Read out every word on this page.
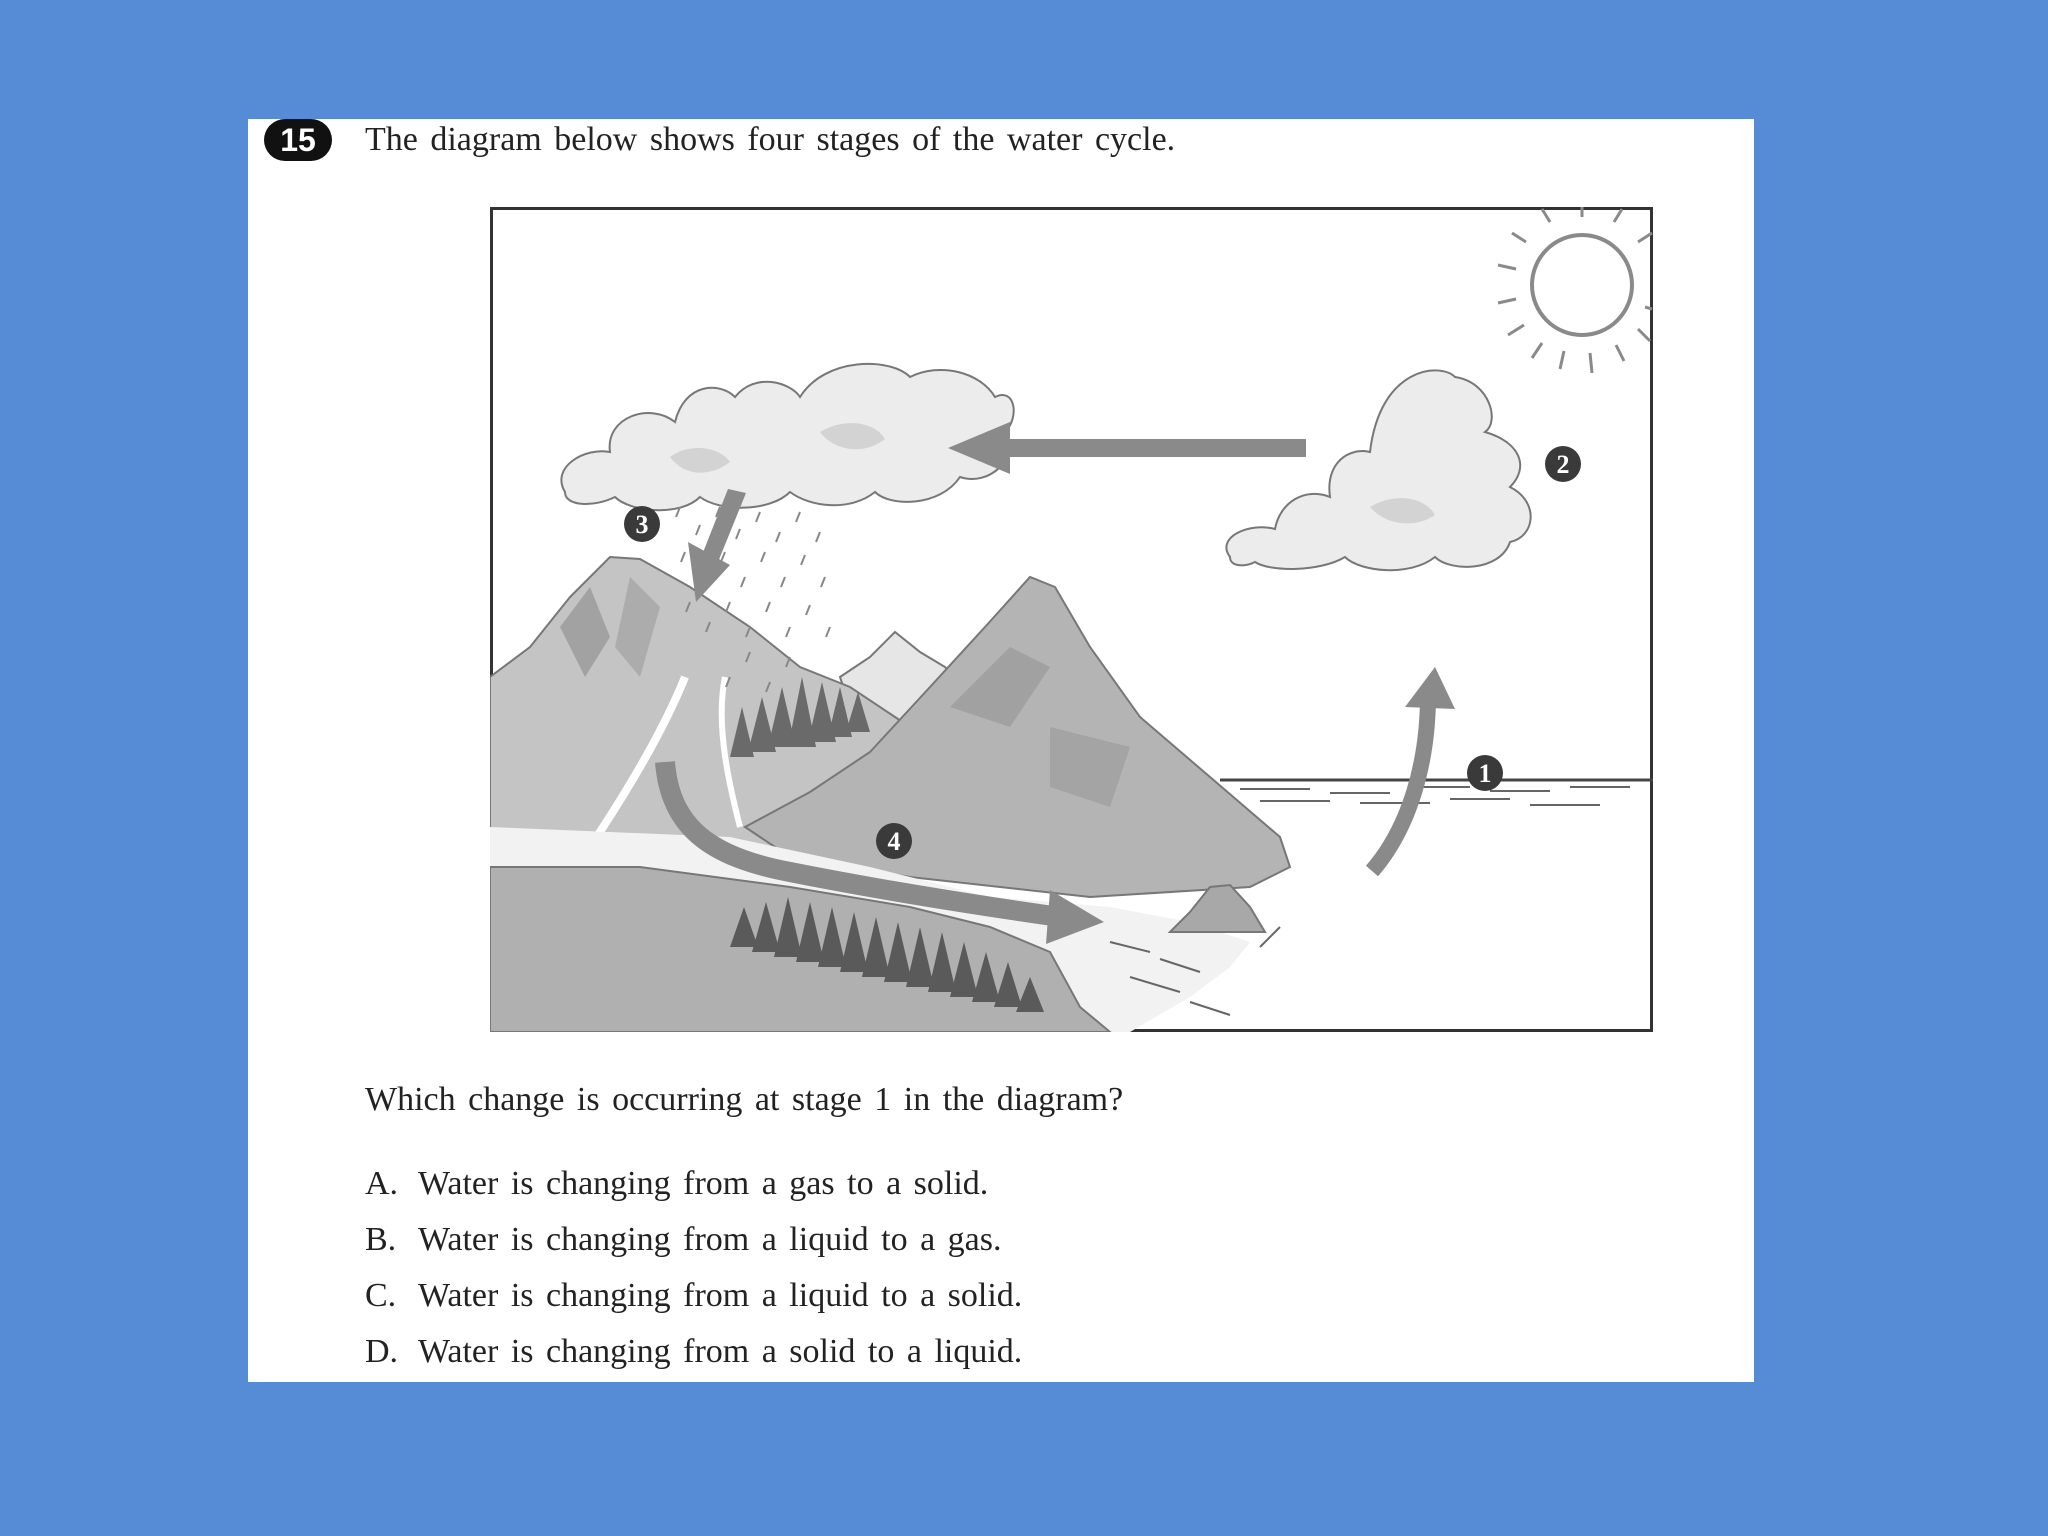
15	The diagram below shows four stages of the water cycle.
1
2
3
4
Which change is occurring at stage 1 in the diagram?
A. Water is changing from a gas to a solid.
B. Water is changing from a liquid to a gas.
C. Water is changing from a liquid to a solid.
D. Water is changing from a solid to a liquid.
